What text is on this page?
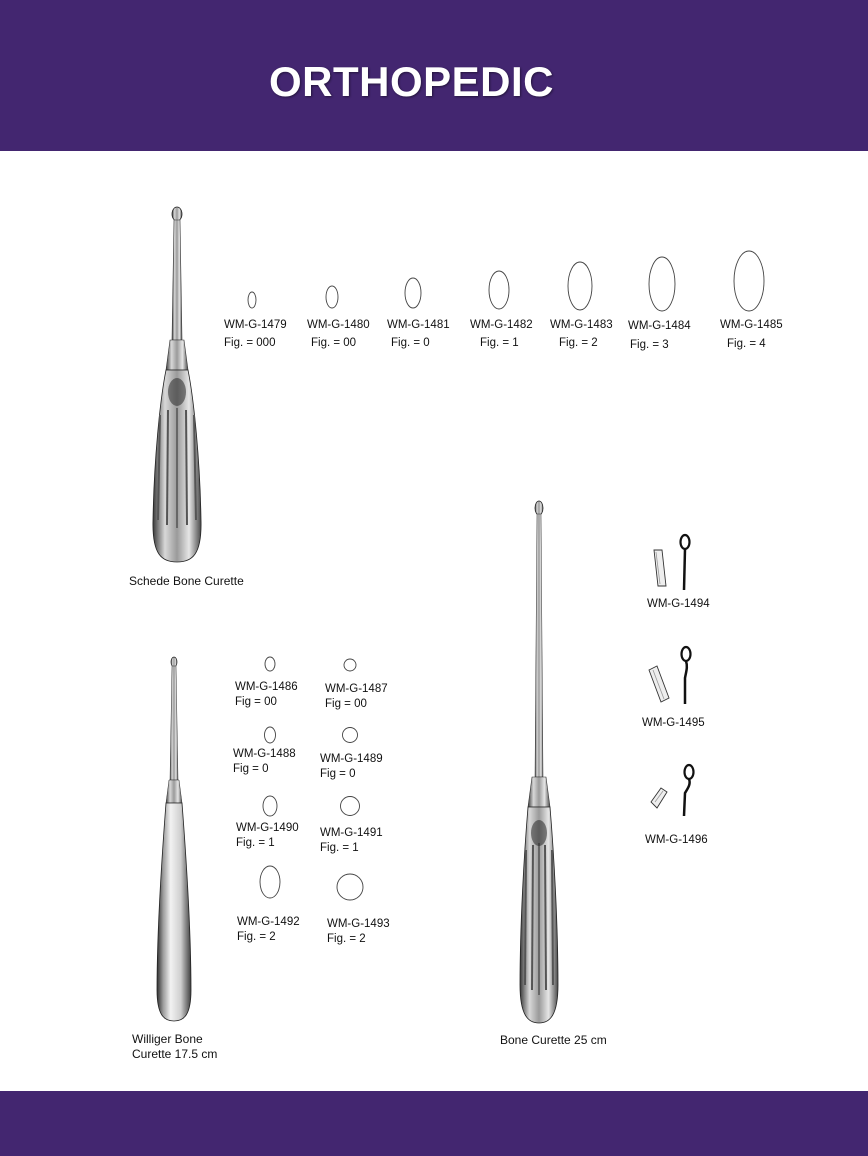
ORTHOPEDIC
Schede Bone Curette
WM-G-1479
Fig. = 000
WM-G-1480
Fig. = 00
WM-G-1481
Fig. = 0
WM-G-1482
Fig. = 1
WM-G-1483
Fig. = 2
WM-G-1484
Fig. = 3
WM-G-1485
Fig. = 4
Williger Bone
Curette 17.5 cm
WM-G-1486
Fig = 00
WM-G-1487
Fig = 00
WM-G-1488
Fig = 0
WM-G-1489
Fig = 0
WM-G-1490
Fig. = 1
WM-G-1491
Fig. = 1
WM-G-1492
Fig. = 2
WM-G-1493
Fig. = 2
Bone Curette 25 cm
WM-G-1494
WM-G-1495
WM-G-1496
